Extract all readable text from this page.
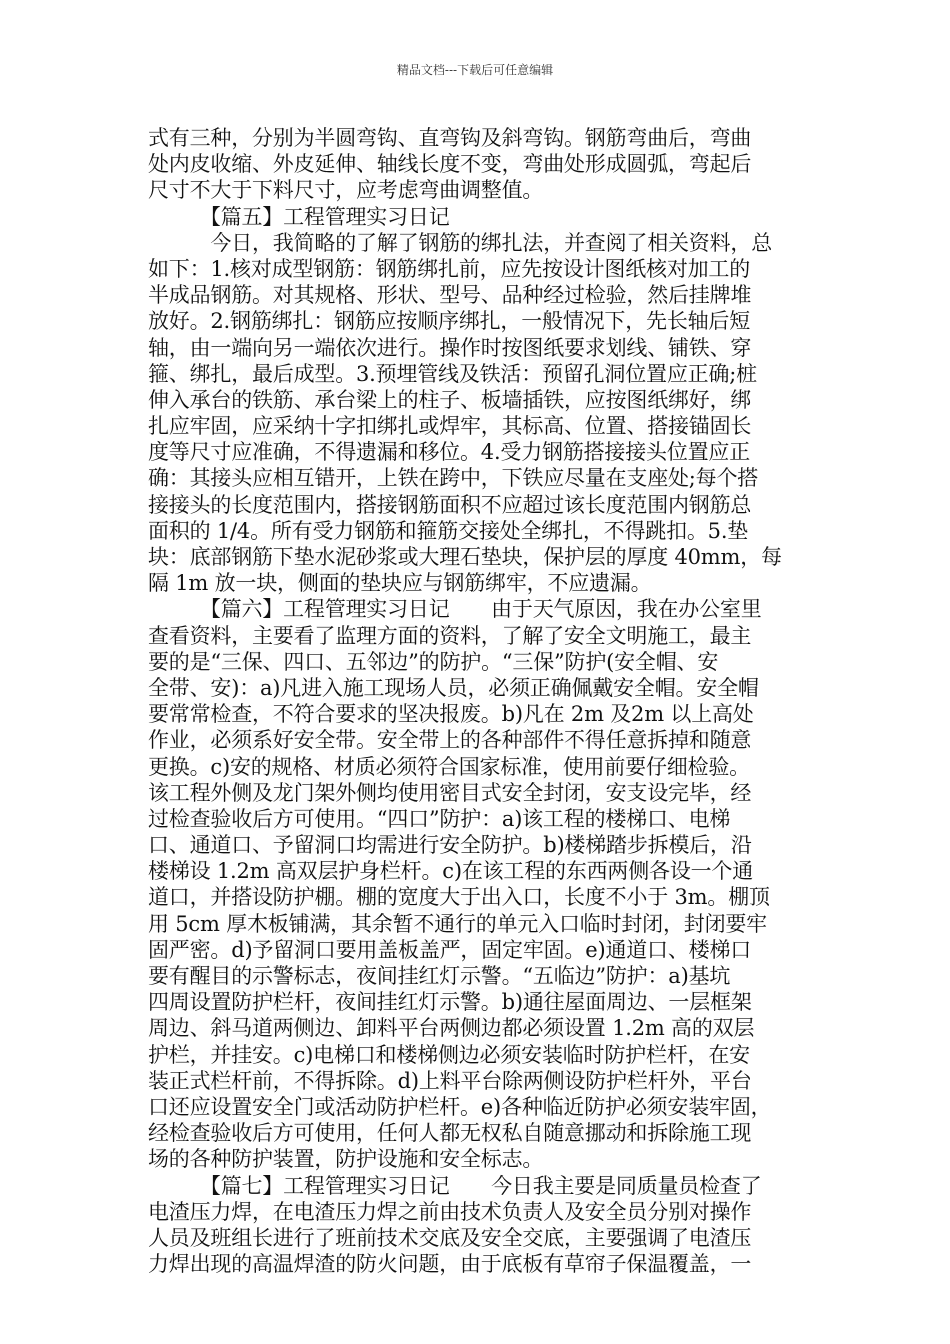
精品文档---下载后可任意编辑
式有三种，分别为半圆弯钩、直弯钩及斜弯钩。钢筋弯曲后，弯曲
处内皮收缩、外皮延伸、轴线长度不变，弯曲处形成圆弧，弯起后
尺寸不大于下料尺寸，应考虑弯曲调整值。
　　　【篇五】工程管理实习日记
　　　今日，我简略的了解了钢筋的绑扎法，并查阅了相关资料，总
如下：1.核对成型钢筋：钢筋绑扎前，应先按设计图纸核对加工的
半成品钢筋。对其规格、形状、型号、品种经过检验，然后挂牌堆
放好。2.钢筋绑扎：钢筋应按顺序绑扎，一般情况下，先长轴后短
轴，由一端向另一端依次进行。操作时按图纸要求划线、铺铁、穿
箍、绑扎，最后成型。3.预埋管线及铁活：预留孔洞位置应正确;桩
伸入承台的铁筋、承台梁上的柱子、板墙插铁，应按图纸绑好，绑
扎应牢固，应采纳十字扣绑扎或焊牢，其标高、位置、搭接锚固长
度等尺寸应准确，不得遗漏和移位。4.受力钢筋搭接接头位置应正
确：其接头应相互错开，上铁在跨中，下铁应尽量在支座处;每个搭
接接头的长度范围内，搭接钢筋面积不应超过该长度范围内钢筋总
面积的 1/4。所有受力钢筋和箍筋交接处全绑扎，不得跳扣。5.垫
块：底部钢筋下垫水泥砂浆或大理石垫块，保护层的厚度 40mm，每
隔 1m 放一块，侧面的垫块应与钢筋绑牢，不应遗漏。
　　　【篇六】工程管理实习日记　　由于天气原因，我在办公室里
查看资料，主要看了监理方面的资料，了解了安全文明施工，最主
要的是“三保、四口、五邻边”的防护。“三保”防护(安全帽、安
全带、安)：a)凡进入施工现场人员，必须正确佩戴安全帽。安全帽
要常常检查，不符合要求的坚决报废。b)凡在 2m 及2m 以上高处
作业，必须系好安全带。安全带上的各种部件不得任意拆掉和随意
更换。c)安的规格、材质必须符合国家标准，使用前要仔细检验。
该工程外侧及龙门架外侧均使用密目式安全封闭，安支设完毕，经
过检查验收后方可使用。“四口”防护：a)该工程的楼梯口、电梯
口、通道口、予留洞口均需进行安全防护。b)楼梯踏步拆模后，沿
楼梯设 1.2m 高双层护身栏杆。c)在该工程的东西两侧各设一个通
道口，并搭设防护棚。棚的宽度大于出入口，长度不小于 3m。棚顶
用 5cm 厚木板铺满，其余暂不通行的单元入口临时封闭，封闭要牢
固严密。d)予留洞口要用盖板盖严，固定牢固。e)通道口、楼梯口
要有醒目的示警标志，夜间挂红灯示警。“五临边”防护：a)基坑
四周设置防护栏杆，夜间挂红灯示警。b)通往屋面周边、一层框架
周边、斜马道两侧边、卸料平台两侧边都必须设置 1.2m 高的双层
护栏，并挂安。c)电梯口和楼梯侧边必须安装临时防护栏杆，在安
装正式栏杆前，不得拆除。d)上料平台除两侧设防护栏杆外，平台
口还应设置安全门或活动防护栏杆。e)各种临近防护必须安装牢固，
经检查验收后方可使用，任何人都无权私自随意挪动和拆除施工现
场的各种防护装置，防护设施和安全标志。
　　　【篇七】工程管理实习日记　　今日我主要是同质量员检查了
电渣压力焊，在电渣压力焊之前由技术负责人及安全员分别对操作
人员及班组长进行了班前技术交底及安全交底，主要强调了电渣压
力焊出现的高温焊渣的防火问题，由于底板有草帘子保温覆盖，一
